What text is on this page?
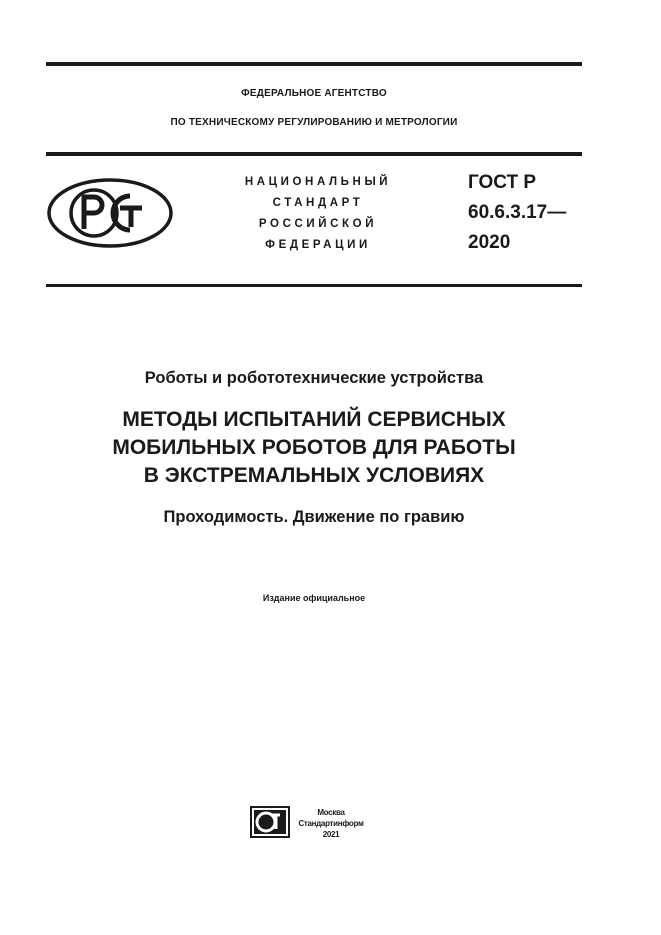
ФЕДЕРАЛЬНОЕ АГЕНТСТВО
ПО ТЕХНИЧЕСКОМУ РЕГУЛИРОВАНИЮ И МЕТРОЛОГИИ
НАЦИОНАЛЬНЫЙ
СТАНДАРТ
РОССИЙСКОЙ
ФЕДЕРАЦИИ
ГОСТ Р
60.6.3.17—
2020
Роботы и робототехнические устройства
МЕТОДЫ ИСПЫТАНИЙ СЕРВИСНЫХ
МОБИЛЬНЫХ РОБОТОВ ДЛЯ РАБОТЫ
В ЭКСТРЕМАЛЬНЫХ УСЛОВИЯХ
Проходимость. Движение по гравию
Издание официальное
Москва
Стандартинформ
2021
